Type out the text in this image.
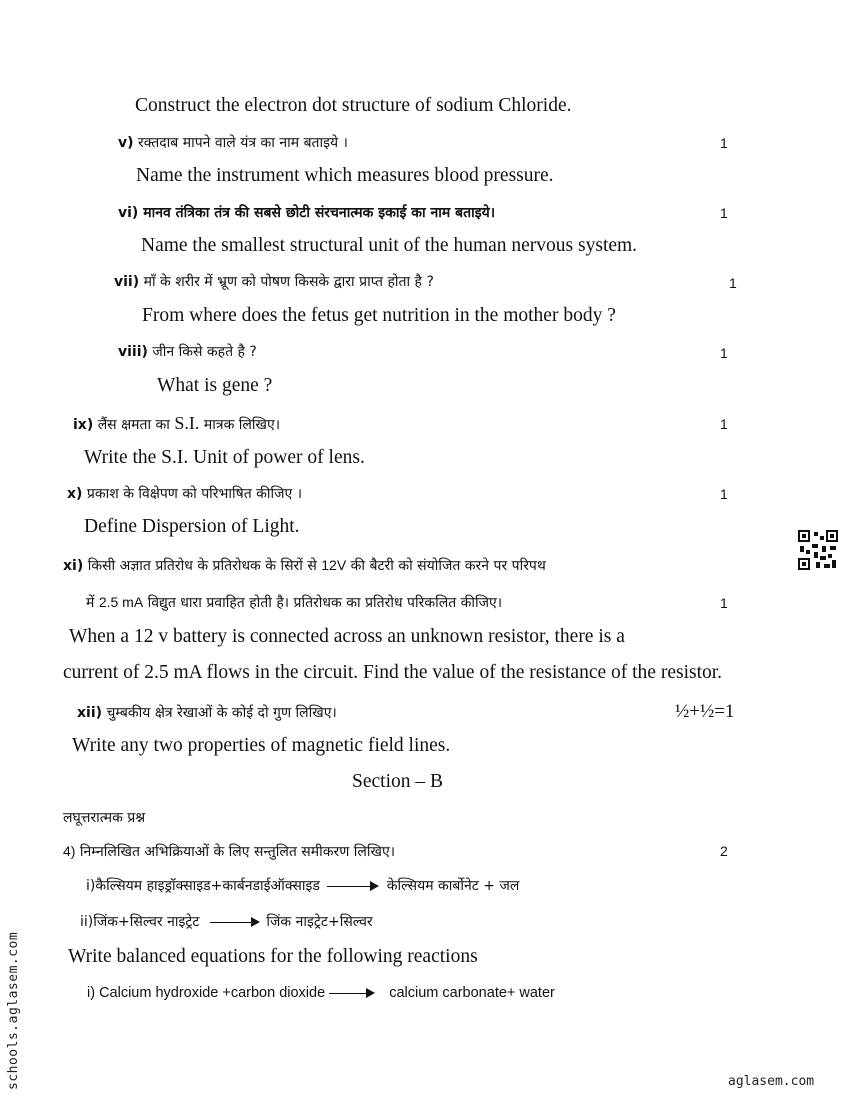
Construct the electron dot structure of sodium Chloride.
v) रक्तदाब मापने वाले यंत्र का नाम बताइये ।	1
Name the instrument which measures blood pressure.
vi) मानव तंत्रिका तंत्र की सबसे छोटी संरचनात्मक इकाई का नाम बताइये।	1
Name the smallest structural unit of the human nervous system.
vii) माँ के शरीर में भ्रूण को पोषण किसके द्वारा प्राप्त होता है ?	1
From where does the fetus get nutrition in the mother body ?
viii) जीन किसे कहते है ?	1
What is gene ?
ix) लैंस क्षमता का S.I. मात्रक लिखिए।	1
Write the S.I. Unit of power of lens.
x) प्रकाश के विक्षेपण को परिभाषित कीजिए ।	1
Define Dispersion of Light.
xi) किसी अज्ञात प्रतिरोध के प्रतिरोधक के सिरों से 12V की बैटरी को संयोजित करने पर परिपथ
में 2.5 mA विद्युत धारा प्रवाहित होती है। प्रतिरोधक का प्रतिरोध परिकलित कीजिए।	1
When a 12 v battery is connected across an unknown resistor, there is a
current of 2.5 mA flows in the circuit. Find the value of the resistance of the resistor.
xii) चुम्बकीय क्षेत्र रेखाओं के कोई दो गुण लिखिए।	½+½=1
Write any two properties of magnetic field lines.
Section – B
लघूत्तरात्मक प्रश्न
4) निम्नलिखित अभिक्रियाओं के लिए सन्तुलित समीकरण लिखिए।	2
i)कैल्सियम हाइड्रॉक्साइड+कार्बनडाईऑक्साइड	केल्सियम कार्बोनेट + जल
ii)जिंक+सिल्वर नाइट्रेट	जिंक नाइट्रेट+सिल्वर
Write balanced equations for the following reactions
i) Calcium hydroxide +carbon dioxide	calcium carbonate+ water
schools.aglasem.com	aglasem.com
